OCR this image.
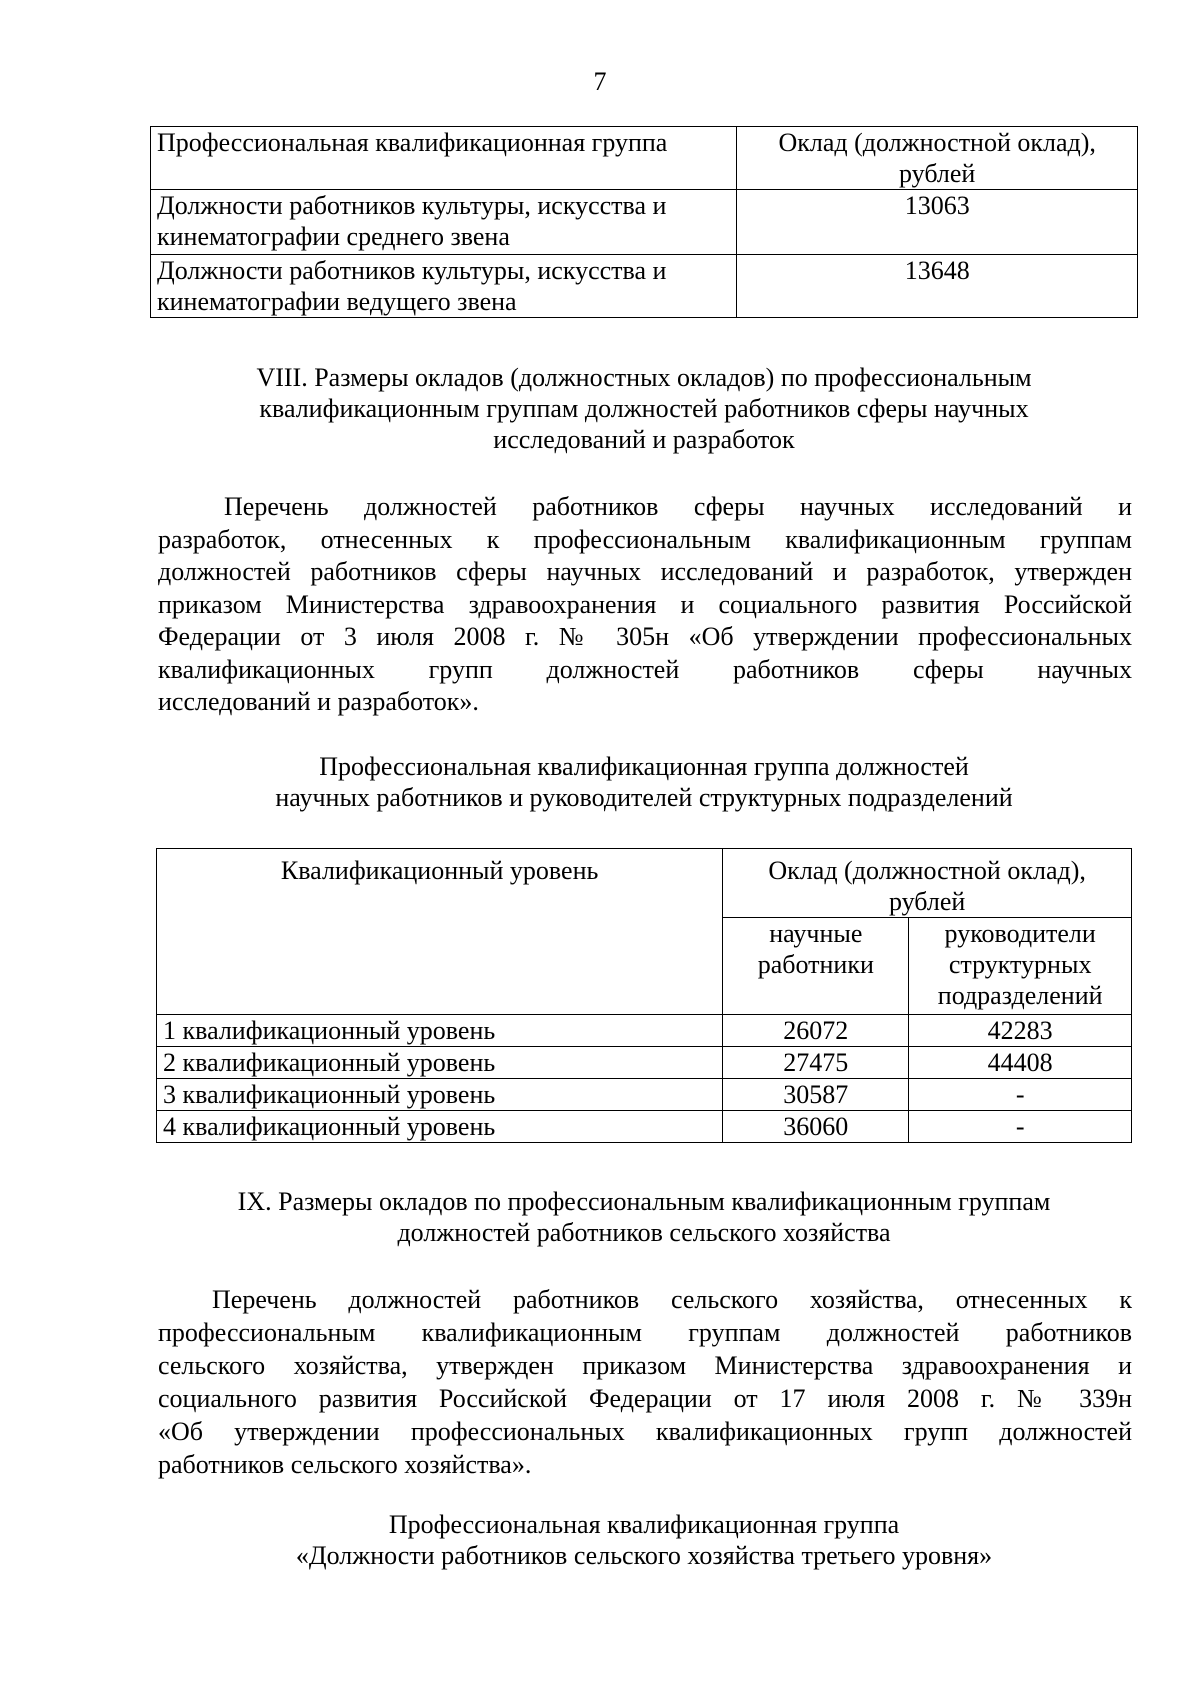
7
Профессиональная квалификационная группа	Оклад (должностной оклад), рублей
Должности работников культуры, искусства и кинематографии среднего звена	13063
Должности работников культуры, искусства и кинематографии ведущего звена	13648

VIII. Размеры окладов (должностных окладов) по профессиональным

квалификационным группам должностей работников сферы научных

исследований и разработок

Перечень должностей работников сферы научных исследований и

разработок, отнесенных к профессиональным квалификационным группам

должностей работников сферы научных исследований и разработок, утвержден

приказом Министерства здравоохранения и социального развития Российской

Федерации от 3 июля 2008 г. № 305н «Об утверждении профессиональных

квалификационных групп должностей работников сферы научных

исследований и разработок».

Профессиональная квалификационная группа должностей

научных работников и руководителей структурных подразделений

Квалификационный уровень	Оклад (должностной оклад), рублей	
	научные работники	руководители структурных подразделений
1 квалификационный уровень	26072	42283
2 квалификационный уровень	27475	44408
3 квалификационный уровень	30587	-
4 квалификационный уровень	36060	-

IX. Размеры окладов по профессиональным квалификационным группам

должностей работников сельского хозяйства

Перечень должностей работников сельского хозяйства, отнесенных к

профессиональным квалификационным группам должностей работников

сельского хозяйства, утвержден приказом Министерства здравоохранения и

социального развития Российской Федерации от 17 июля 2008 г. № 339н

«Об утверждении профессиональных квалификационных групп должностей

работников сельского хозяйства».

Профессиональная квалификационная группа

«Должности работников сельского хозяйства третьего уровня»
